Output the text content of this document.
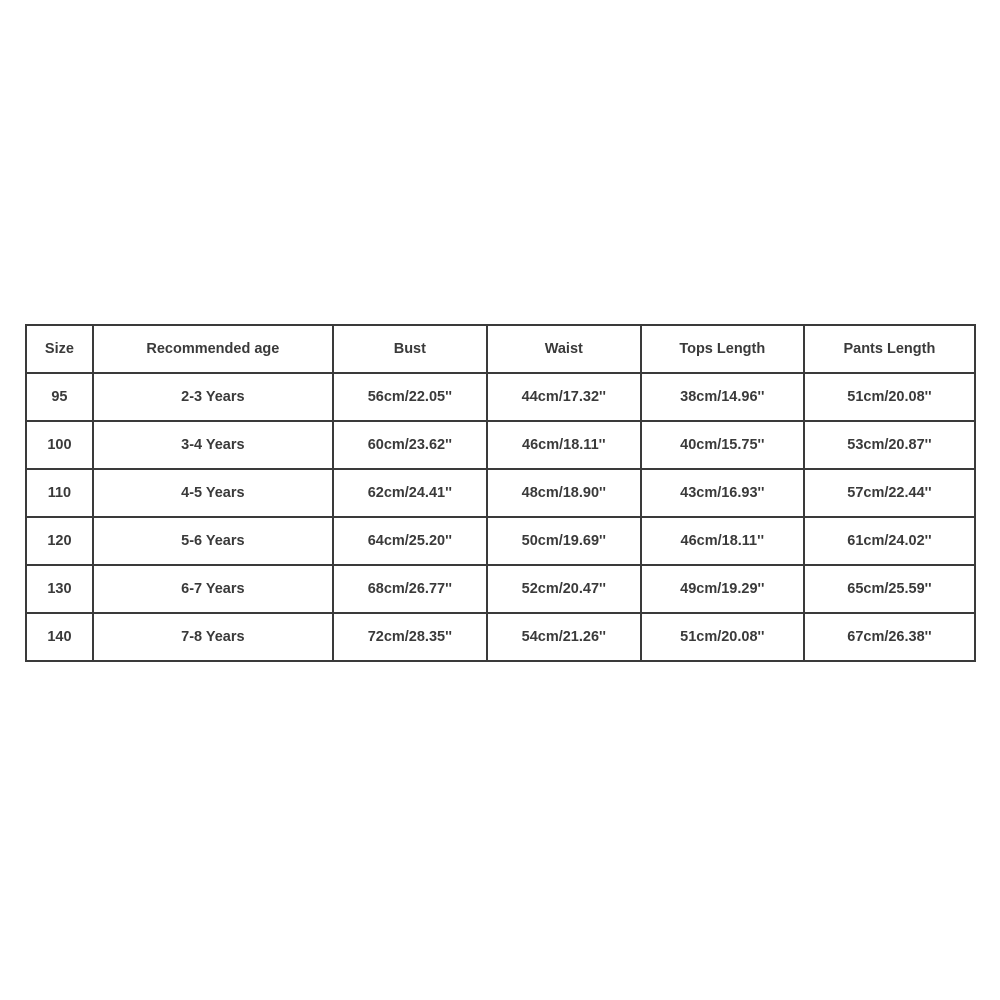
Size	Recommended age	Bust	Waist	Tops Length	Pants Length
95	2-3 Years	56cm/22.05''	44cm/17.32''	38cm/14.96''	51cm/20.08''
100	3-4 Years	60cm/23.62''	46cm/18.11''	40cm/15.75''	53cm/20.87''
110	4-5 Years	62cm/24.41''	48cm/18.90''	43cm/16.93''	57cm/22.44''
120	5-6 Years	64cm/25.20''	50cm/19.69''	46cm/18.11''	61cm/24.02''
130	6-7 Years	68cm/26.77''	52cm/20.47''	49cm/19.29''	65cm/25.59''
140	7-8 Years	72cm/28.35''	54cm/21.26''	51cm/20.08''	67cm/26.38''
